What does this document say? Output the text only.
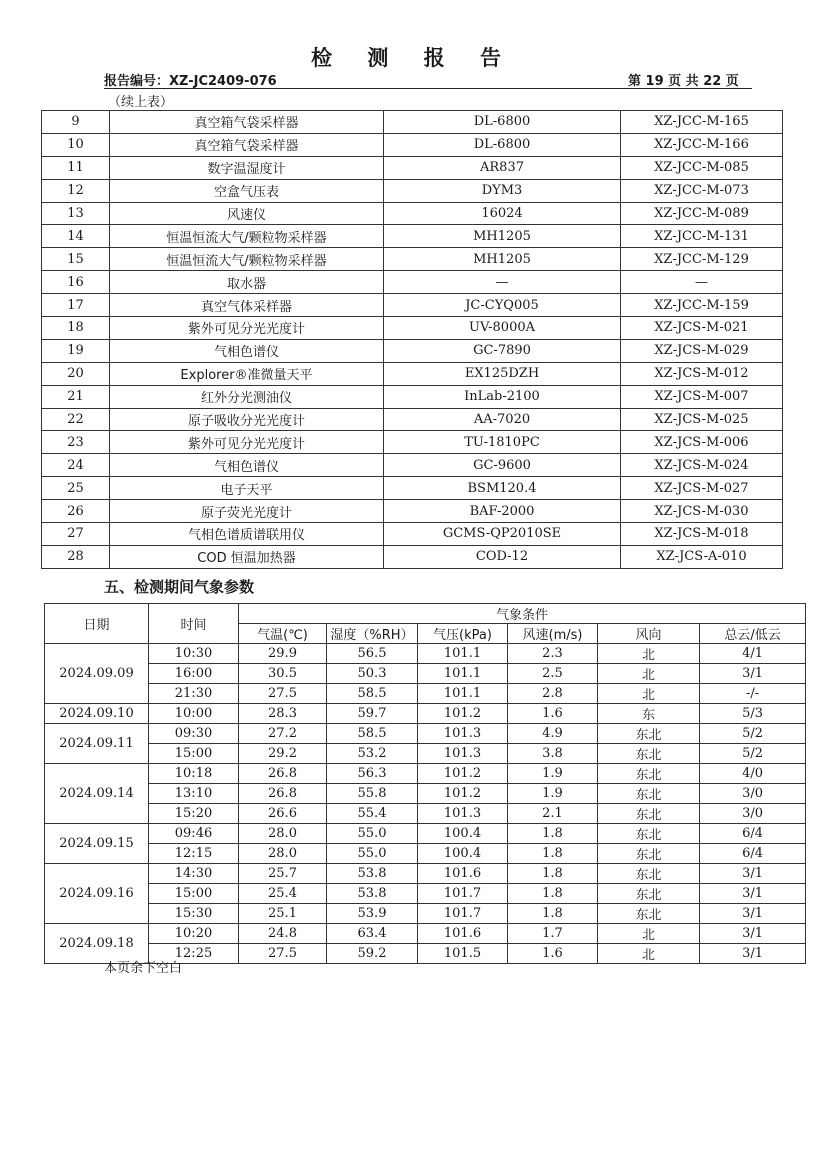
检 测 报 告
报告编号：XZ-JC2409-076	第 19 页 共 22 页
（续上表）
9	真空箱气袋采样器	DL-6800	XZ-JCC-M-165
10	真空箱气袋采样器	DL-6800	XZ-JCC-M-166
11	数字温湿度计	AR837	XZ-JCC-M-085
12	空盒气压表	DYM3	XZ-JCC-M-073
13	风速仪	16024	XZ-JCC-M-089
14	恒温恒流大气/颗粒物采样器	MH1205	XZ-JCC-M-131
15	恒温恒流大气/颗粒物采样器	MH1205	XZ-JCC-M-129
16	取水器	—	—
17	真空气体采样器	JC-CYQ005	XZ-JCC-M-159
18	紫外可见分光光度计	UV-8000A	XZ-JCS-M-021
19	气相色谱仪	GC-7890	XZ-JCS-M-029
20	Explorer®准微量天平	EX125DZH	XZ-JCS-M-012
21	红外分光测油仪	InLab-2100	XZ-JCS-M-007
22	原子吸收分光光度计	AA-7020	XZ-JCS-M-025
23	紫外可见分光光度计	TU-1810PC	XZ-JCS-M-006
24	气相色谱仪	GC-9600	XZ-JCS-M-024
25	电子天平	BSM120.4	XZ-JCS-M-027
26	原子荧光光度计	BAF-2000	XZ-JCS-M-030
27	气相色谱质谱联用仪	GCMS-QP2010SE	XZ-JCS-M-018
28	COD 恒温加热器	COD-12	XZ-JCS-A-010
五、检测期间气象参数
日期	时间	气象条件					
		气温(℃)	湿度（%RH）	气压(kPa)	风速(m/s)	风向	总云/低云
2024.09.09	10:30	29.9	56.5	101.1	2.3	北	4/1
	16:00	30.5	50.3	101.1	2.5	北	3/1
	21:30	27.5	58.5	101.1	2.8	北	-/-
2024.09.10	10:00	28.3	59.7	101.2	1.6	东	5/3
2024.09.11	09:30	27.2	58.5	101.3	4.9	东北	5/2
	15:00	29.2	53.2	101.3	3.8	东北	5/2
2024.09.14	10:18	26.8	56.3	101.2	1.9	东北	4/0
	13:10	26.8	55.8	101.2	1.9	东北	3/0
	15:20	26.6	55.4	101.3	2.1	东北	3/0
2024.09.15	09:46	28.0	55.0	100.4	1.8	东北	6/4
	12:15	28.0	55.0	100.4	1.8	东北	6/4
2024.09.16	14:30	25.7	53.8	101.6	1.8	东北	3/1
	15:00	25.4	53.8	101.7	1.8	东北	3/1
	15:30	25.1	53.9	101.7	1.8	东北	3/1
2024.09.18	10:20	24.8	63.4	101.6	1.7	北	3/1
	12:25	27.5	59.2	101.5	1.6	北	3/1
本页余下空白
